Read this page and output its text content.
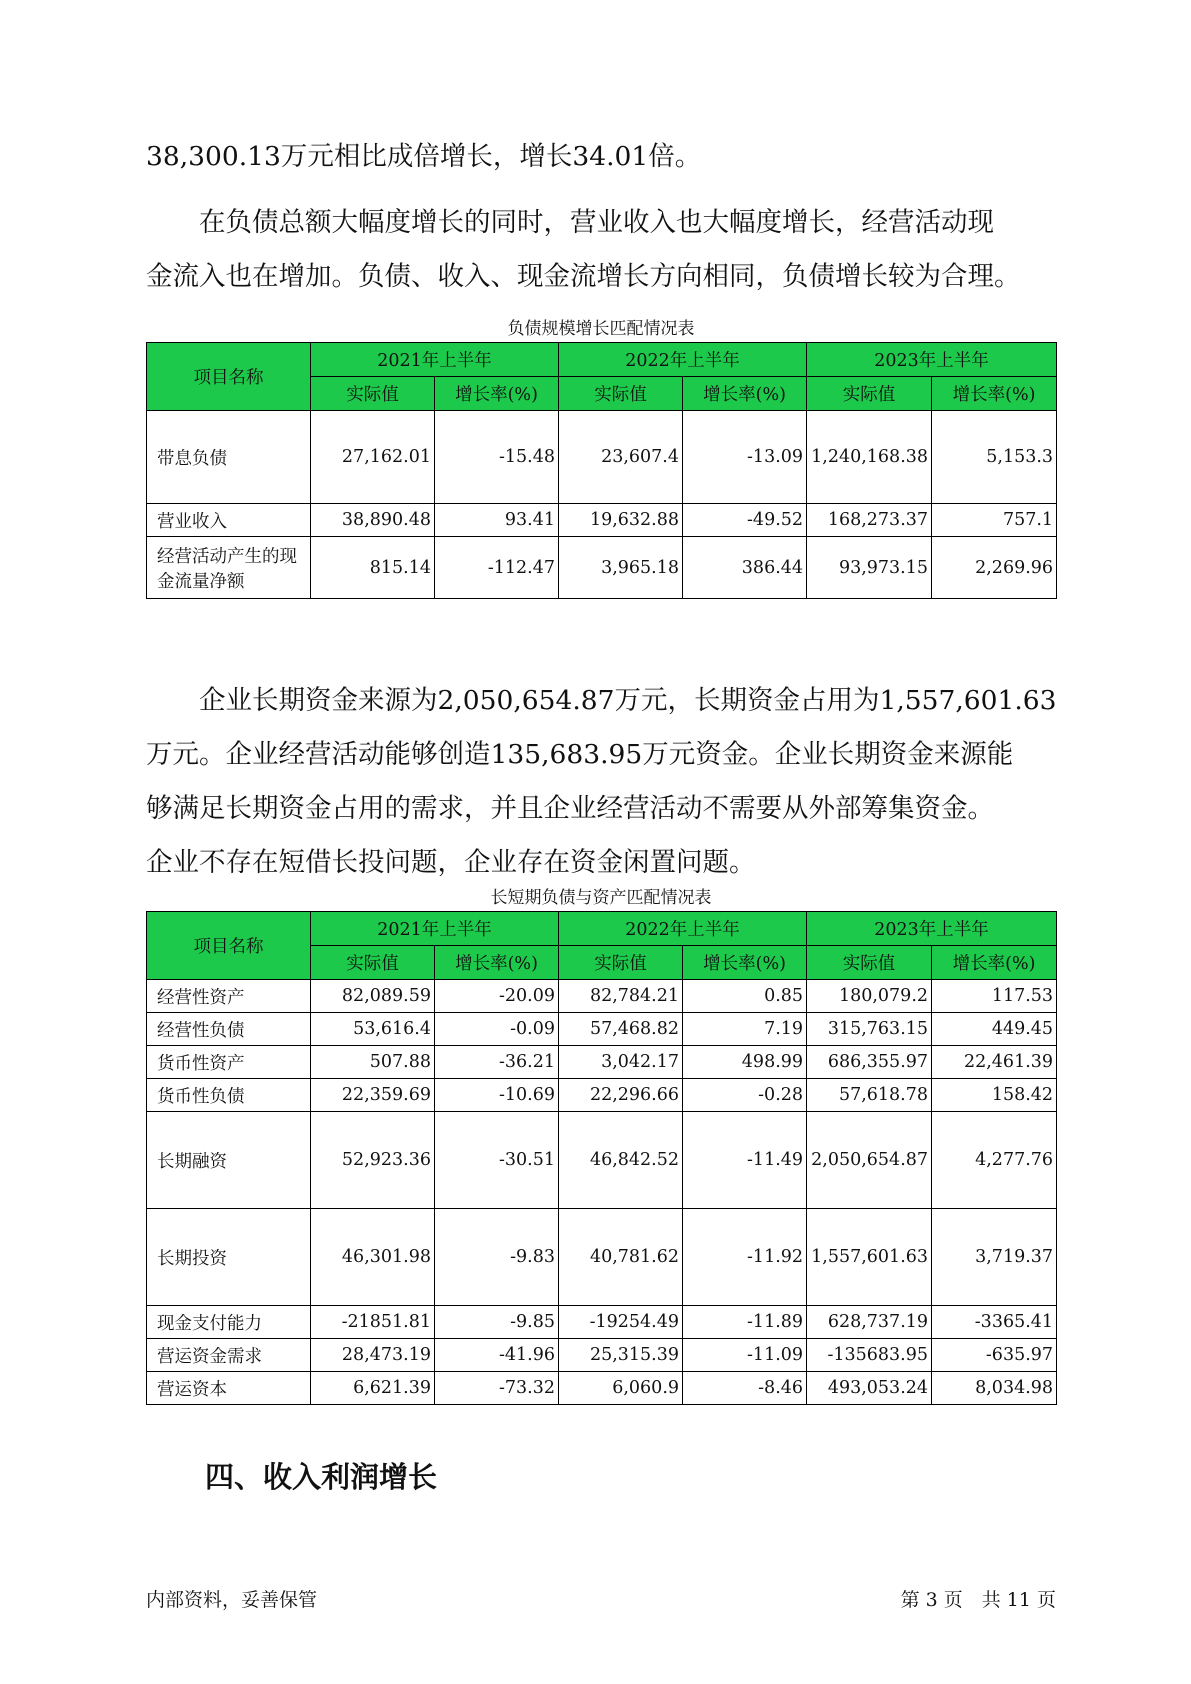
38,300.13万元相比成倍增长，增长34.01倍。

　　在负债总额大幅度增长的同时，营业收入也大幅度增长，经营活动现
金流入也在增加。负债、收入、现金流增长方向相同，负债增长较为合理。

负债规模增长匹配情况表
项目名称	2021年上半年		2022年上半年		2023年上半年	
	实际值	增长率(%)	实际值	增长率(%)	实际值	增长率(%)
带息负债	27,162.01	-15.48	23,607.4	-13.09	1,240,168.38	5,153.3
营业收入	38,890.48	93.41	19,632.88	-49.52	168,273.37	757.1
经营活动产生的现金流量净额	815.14	-112.47	3,965.18	386.44	93,973.15	2,269.96

　　企业长期资金来源为2,050,654.87万元，长期资金占用为1,557,601.63
万元。企业经营活动能够创造135,683.95万元资金。企业长期资金来源能
够满足长期资金占用的需求，并且企业经营活动不需要从外部筹集资金。
企业不存在短借长投问题，企业存在资金闲置问题。

长短期负债与资产匹配情况表
项目名称	2021年上半年		2022年上半年		2023年上半年	
	实际值	增长率(%)	实际值	增长率(%)	实际值	增长率(%)
经营性资产	82,089.59	-20.09	82,784.21	0.85	180,079.2	117.53
经营性负债	53,616.4	-0.09	57,468.82	7.19	315,763.15	449.45
货币性资产	507.88	-36.21	3,042.17	498.99	686,355.97	22,461.39
货币性负债	22,359.69	-10.69	22,296.66	-0.28	57,618.78	158.42
长期融资	52,923.36	-30.51	46,842.52	-11.49	2,050,654.87	4,277.76
长期投资	46,301.98	-9.83	40,781.62	-11.92	1,557,601.63	3,719.37
现金支付能力	-21851.81	-9.85	-19254.49	-11.89	628,737.19	-3365.41
营运资金需求	28,473.19	-41.96	25,315.39	-11.09	-135683.95	-635.97
营运资本	6,621.39	-73.32	6,060.9	-8.46	493,053.24	8,034.98
四、收入利润增长
内部资料，妥善保管	第 3 页　共 11 页
